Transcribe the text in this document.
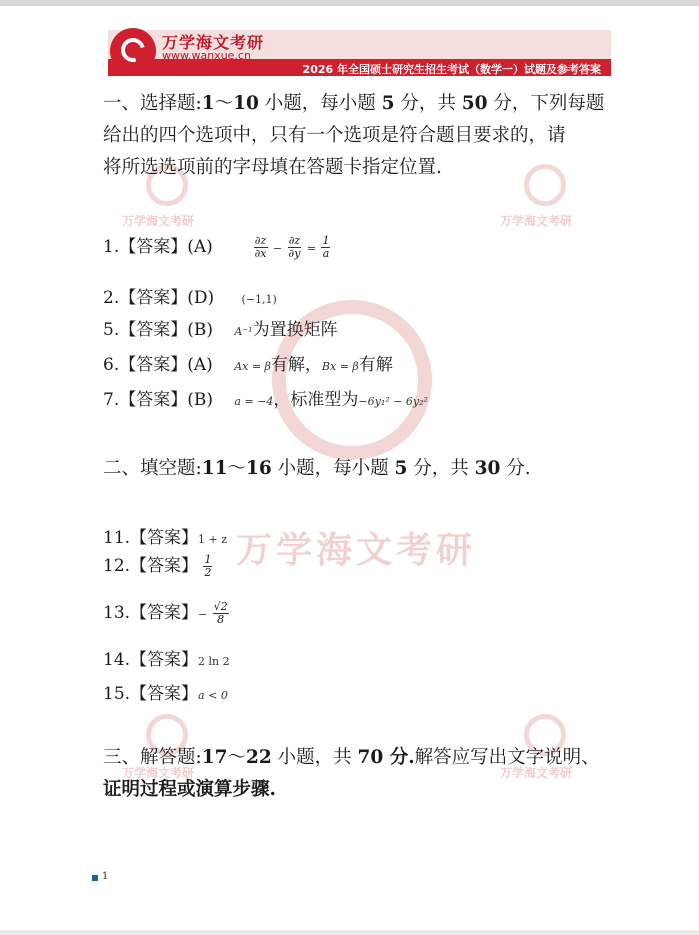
万学海文考研
www.wanxue.cn
2026 年全国硕士研究生招生考试（数学一）试题及参考答案
万学海文考研	万学海文考研
万学海文考研
万学海文考研	万学海文考研
一、选择题:1～10 小题，每小题 5 分，共 50 分，下列每题
给出的四个选项中，只有一个选项是符合题目要求的，请
将所选选项前的字母填在答题卡指定位置.
1.【答案】(A)	$\frac{\partial z}{\partial x} - \frac{\partial z}{\partial y} = \frac{1}{a}$
2.【答案】(D) (−1,1)
5.【答案】(B) A⁻¹为置换矩阵
6.【答案】(A) Ax = β有解，Bx = β有解
7.【答案】(B) a = −4，标准型为−6y₁² − 6y₂²
二、填空题:11～16 小题，每小题 5 分，共 30 分.
11.【答案】1 + z
12.【答案】 $\frac{1}{2}$
13.【答案】− $\frac{√2}{8}$
14.【答案】2 ln 2
15.【答案】a < 0
三、解答题:17～22 小题，共 70 分.解答应写出文字说明、
证明过程或演算步骤.
1
